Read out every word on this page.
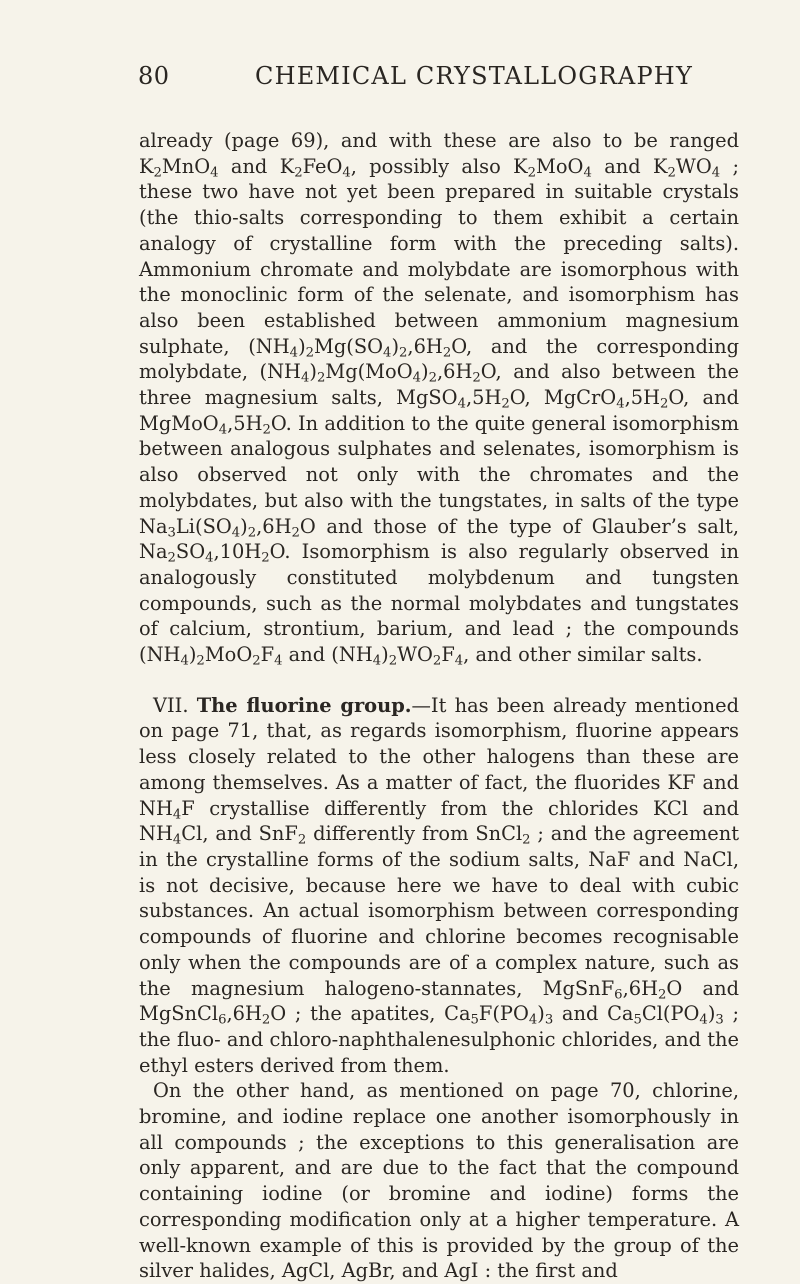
80	CHEMICAL CRYSTALLOGRAPHY

already (page 69), and with these are also to be ranged $K_2MnO_4$ and $K_2FeO_4$, possibly also $K_2MoO_4$ and $K_2WO_4$ ; these two have not yet been prepared in suitable crystals (the thio-salts corresponding to them exhibit a certain analogy of crystalline form with the preceding salts). Ammonium chromate and molybdate are isomorphous with the monoclinic form of the selenate, and isomorphism has also been established between ammonium magnesium sulphate, $(NH_4)_2Mg(SO_4)_2,6H_2O$, and the corresponding molybdate, $(NH_4)_2Mg(MoO_4)_2,6H_2O$, and also between the three magnesium salts, $MgSO_4,5H_2O$, $MgCrO_4,5H_2O$, and $MgMoO_4,5H_2O$. In addition to the quite general isomorphism between analogous sulphates and selenates, isomorphism is also observed not only with the chromates and the molybdates, but also with the tungstates, in salts of the type $Na_3Li(SO_4)_2,6H_2O$ and those of the type of Glauber’s salt, $Na_2SO_4,10H_2O$. Isomorphism is also regularly observed in analogously constituted molybdenum and tungsten compounds, such as the normal molybdates and tungstates of calcium, strontium, barium, and lead ; the compounds $(NH_4)_2MoO_2F_4$ and $(NH_4)_2WO_2F_4$, and other similar salts.

VII. The fluorine group.—It has been already mentioned on page 71, that, as regards isomorphism, fluorine appears less closely related to the other halogens than these are among themselves. As a matter of fact, the fluorides KF and $NH_4F$ crystallise differently from the chlorides KCl and $NH_4Cl$, and SnF$_2$ differently from SnCl$_2$ ; and the agreement in the crystalline forms of the sodium salts, NaF and NaCl, is not decisive, because here we have to deal with cubic substances. An actual isomorphism between corresponding compounds of fluorine and chlorine becomes recognisable only when the compounds are of a complex nature, such as the magnesium halogeno-stannates, $MgSnF_6,6H_2O$ and $MgSnCl_6,6H_2O$ ; the apatites, $Ca_5F(PO_4)_3$ and $Ca_5Cl(PO_4)_3$ ; the fluo- and chloro-naphthalenesulphonic chlorides, and the ethyl esters derived from them.

On the other hand, as mentioned on page 70, chlorine, bromine, and iodine replace one another isomorphously in all compounds ; the exceptions to this generalisation are only apparent, and are due to the fact that the compound containing iodine (or bromine and iodine) forms the corresponding modification only at a higher temperature. A well-known example of this is provided by the group of the silver halides, AgCl, AgBr, and AgI : the first and
